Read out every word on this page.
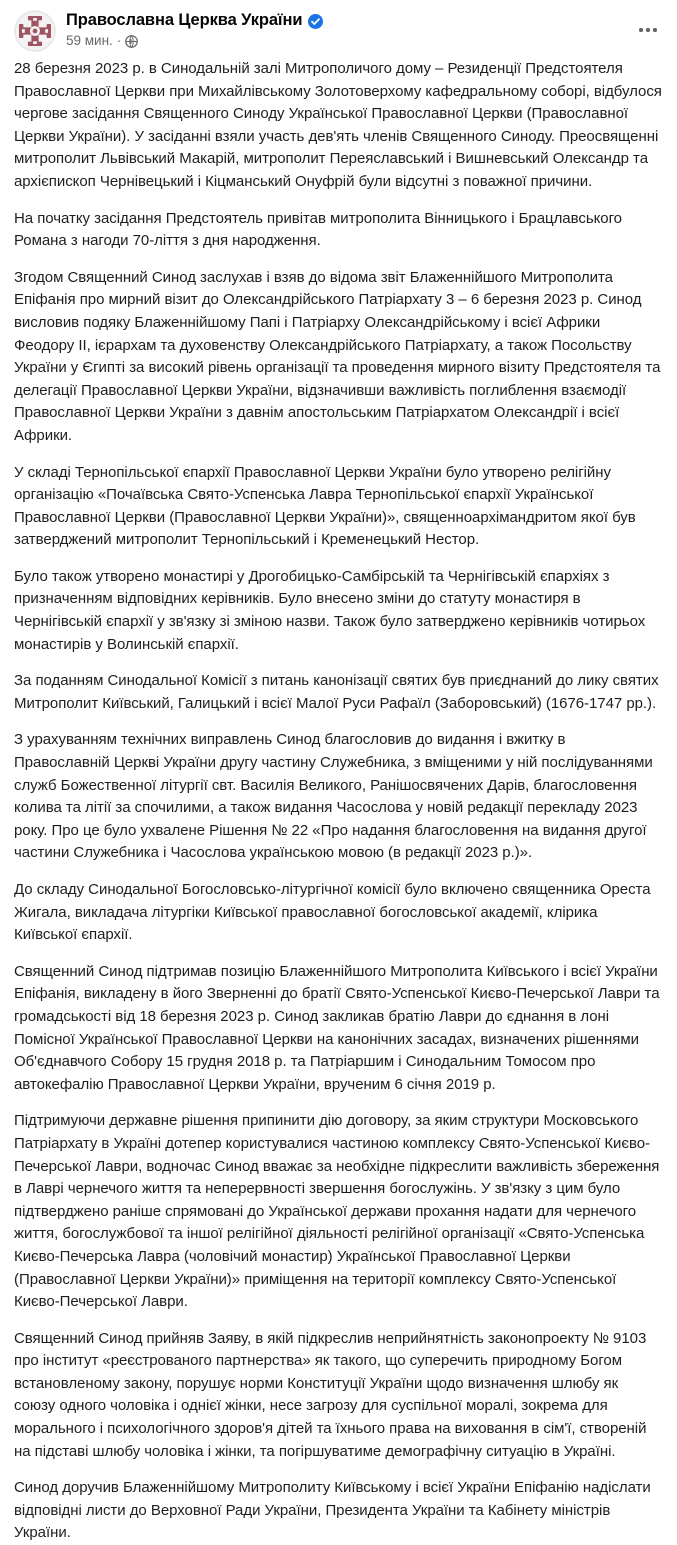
Православна Церква України
59 мин. ·

28 березня 2023 р. в Синодальній залі Митрополичого дому – Резиденції Предстоятеля Православної Церкви при Михайлівському Золотоверхому кафедральному соборі, відбулося чергове засідання Священного Синоду Української Православної Церкви (Православної Церкви України). У засіданні взяли участь дев'ять членів Священного Синоду. Преосвященні митрополит Львівський Макарій, митрополит Переяславський і Вишневський Олександр та архієпископ Чернівецький і Кіцманський Онуфрій були відсутні з поважної причини.

На початку засідання Предстоятель привітав митрополита Вінницького і Брацлавського Романа з нагоди 70-ліття з дня народження.

Згодом Священний Синод заслухав і взяв до відома звіт Блаженнійшого Митрополита Епіфанія про мирний візит до Олександрійського Патріархату 3 – 6 березня 2023 р. Синод висловив подяку Блаженнійшому Папі і Патріарху Олександрійському і всієї Африки Феодору ІІ, ієрархам та духовенству Олександрійського Патріархату, а також Посольству України у Єгипті за високий рівень організації та проведення мирного візиту Предстоятеля та делегації Православної Церкви України, відзначивши важливість поглиблення взаємодії Православної Церкви України з давнім апостольським Патріархатом Олександрії і всієї Африки.

У складі Тернопільської єпархії Православної Церкви України було утворено релігійну організацію «Почаївська Свято-Успенська Лавра Тернопільської єпархії Української Православної Церкви (Православної Церкви України)», священноархімандритом якої був затверджений митрополит Тернопільський і Кременецький Нестор.

Було також утворено монастирі у Дрогобицько-Самбірській та Чернігівській єпархіях з призначенням відповідних керівників. Було внесено зміни до статуту монастиря в Чернігівській єпархії у зв'язку зі зміною назви. Також було затверджено керівників чотирьох монастирів у Волинській єпархії.

За поданням Синодальної Комісії з питань канонізації святих був приєднаний до лику святих Митрополит Київський, Галицький і всієї Малої Руси Рафаїл (Заборовський) (1676-1747 рр.).

З урахуванням технічних виправлень Синод благословив до видання і вжитку в Православній Церкві України другу частину Служебника, з вміщеними у ній послідуваннями служб Божественної літургії свт. Василія Великого, Ранішосвячених Дарів, благословення колива та літії за спочилими, а також видання Часослова у новій редакції перекладу 2023 року. Про це було ухвалене Рішення № 22 «Про надання благословення на видання другої частини Служебника і Часослова українською мовою (в редакції 2023 р.)».

До складу Синодальної Богословсько-літургічної комісії було включено священника Ореста Жигала, викладача літургіки Київської православної богословської академії, клірика Київської єпархії.

Священний Синод підтримав позицію Блаженнійшого Митрополита Київського і всієї України Епіфанія, викладену в його Зверненні до братії Свято-Успенської Києво-Печерської Лаври та громадськості від 18 березня 2023 р. Синод закликав братію Лаври до єднання в лоні Помісної Української Православної Церкви на канонічних засадах, визначених рішеннями Об'єднавчого Собору 15 грудня 2018 р. та Патріаршим і Синодальним Томосом про автокефалію Православної Церкви України, врученим 6 січня 2019 р.

Підтримуючи державне рішення припинити дію договору, за яким структури Московського Патріархату в Україні дотепер користувалися частиною комплексу Свято-Успенської Києво-Печерської Лаври, водночас Синод вважає за необхідне підкреслити важливість збереження в Лаврі чернечого життя та неперервності звершення богослужінь. У зв'язку з цим було підтверджено раніше спрямовані до Української держави прохання надати для чернечого життя, богослужбової та іншої релігійної діяльності релігійної організації «Свято-Успенська Києво-Печерська Лавра (чоловічий монастир) Української Православної Церкви (Православної Церкви України)» приміщення на території комплексу Свято-Успенської Києво-Печерської Лаври.

Священний Синод прийняв Заяву, в якій підкреслив неприйнятність законопроекту № 9103 про інститут «реєстрованого партнерства» як такого, що суперечить природному Богом встановленому закону, порушує норми Конституції України щодо визначення шлюбу як союзу одного чоловіка і однієї жінки, несе загрозу для суспільної моралі, зокрема для морального і психологічного здоров'я дітей та їхнього права на виховання в сім'ї, створеній на підставі шлюбу чоловіка і жінки, та погіршуватиме демографічну ситуацію в Україні.

Синод доручив Блаженнійшому Митрополиту Київському і всієї України Епіфанію надіслати відповідні листи до Верховної Ради України, Президента України та Кабінету міністрів України.
